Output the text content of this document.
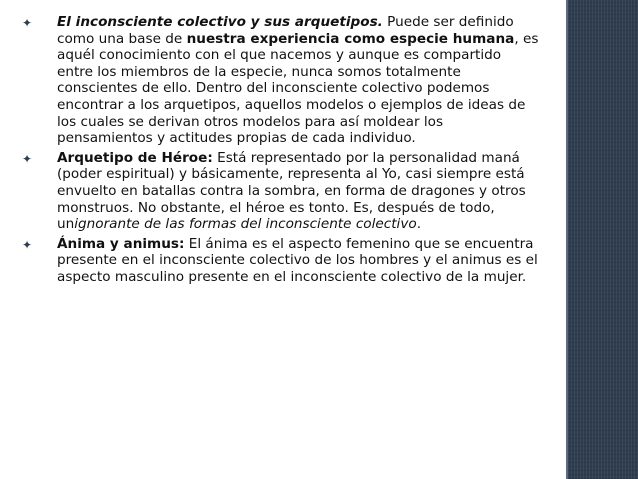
✦ El inconsciente colectivo y sus arquetipos. Puede ser definido como una base de nuestra experiencia como especie humana, es aquél conocimiento con el que nacemos y aunque es compartido entre los miembros de la especie, nunca somos totalmente conscientes de ello. Dentro del inconsciente colectivo podemos encontrar a los arquetipos, aquellos modelos o ejemplos de ideas de los cuales se derivan otros modelos para así moldear los pensamientos y actitudes propias de cada individuo.
✦ Arquetipo de Héroe: Está representado por la personalidad maná (poder espiritual) y básicamente, representa al Yo, casi siempre está envuelto en batallas contra la sombra, en forma de dragones y otros monstruos. No obstante, el héroe es tonto. Es, después de todo, unignorante de las formas del inconsciente colectivo.
✦ Ánima y animus: El ánima es el aspecto femenino que se encuentra presente en el inconsciente colectivo de los hombres y el animus es el aspecto masculino presente en el inconsciente colectivo de la mujer.
